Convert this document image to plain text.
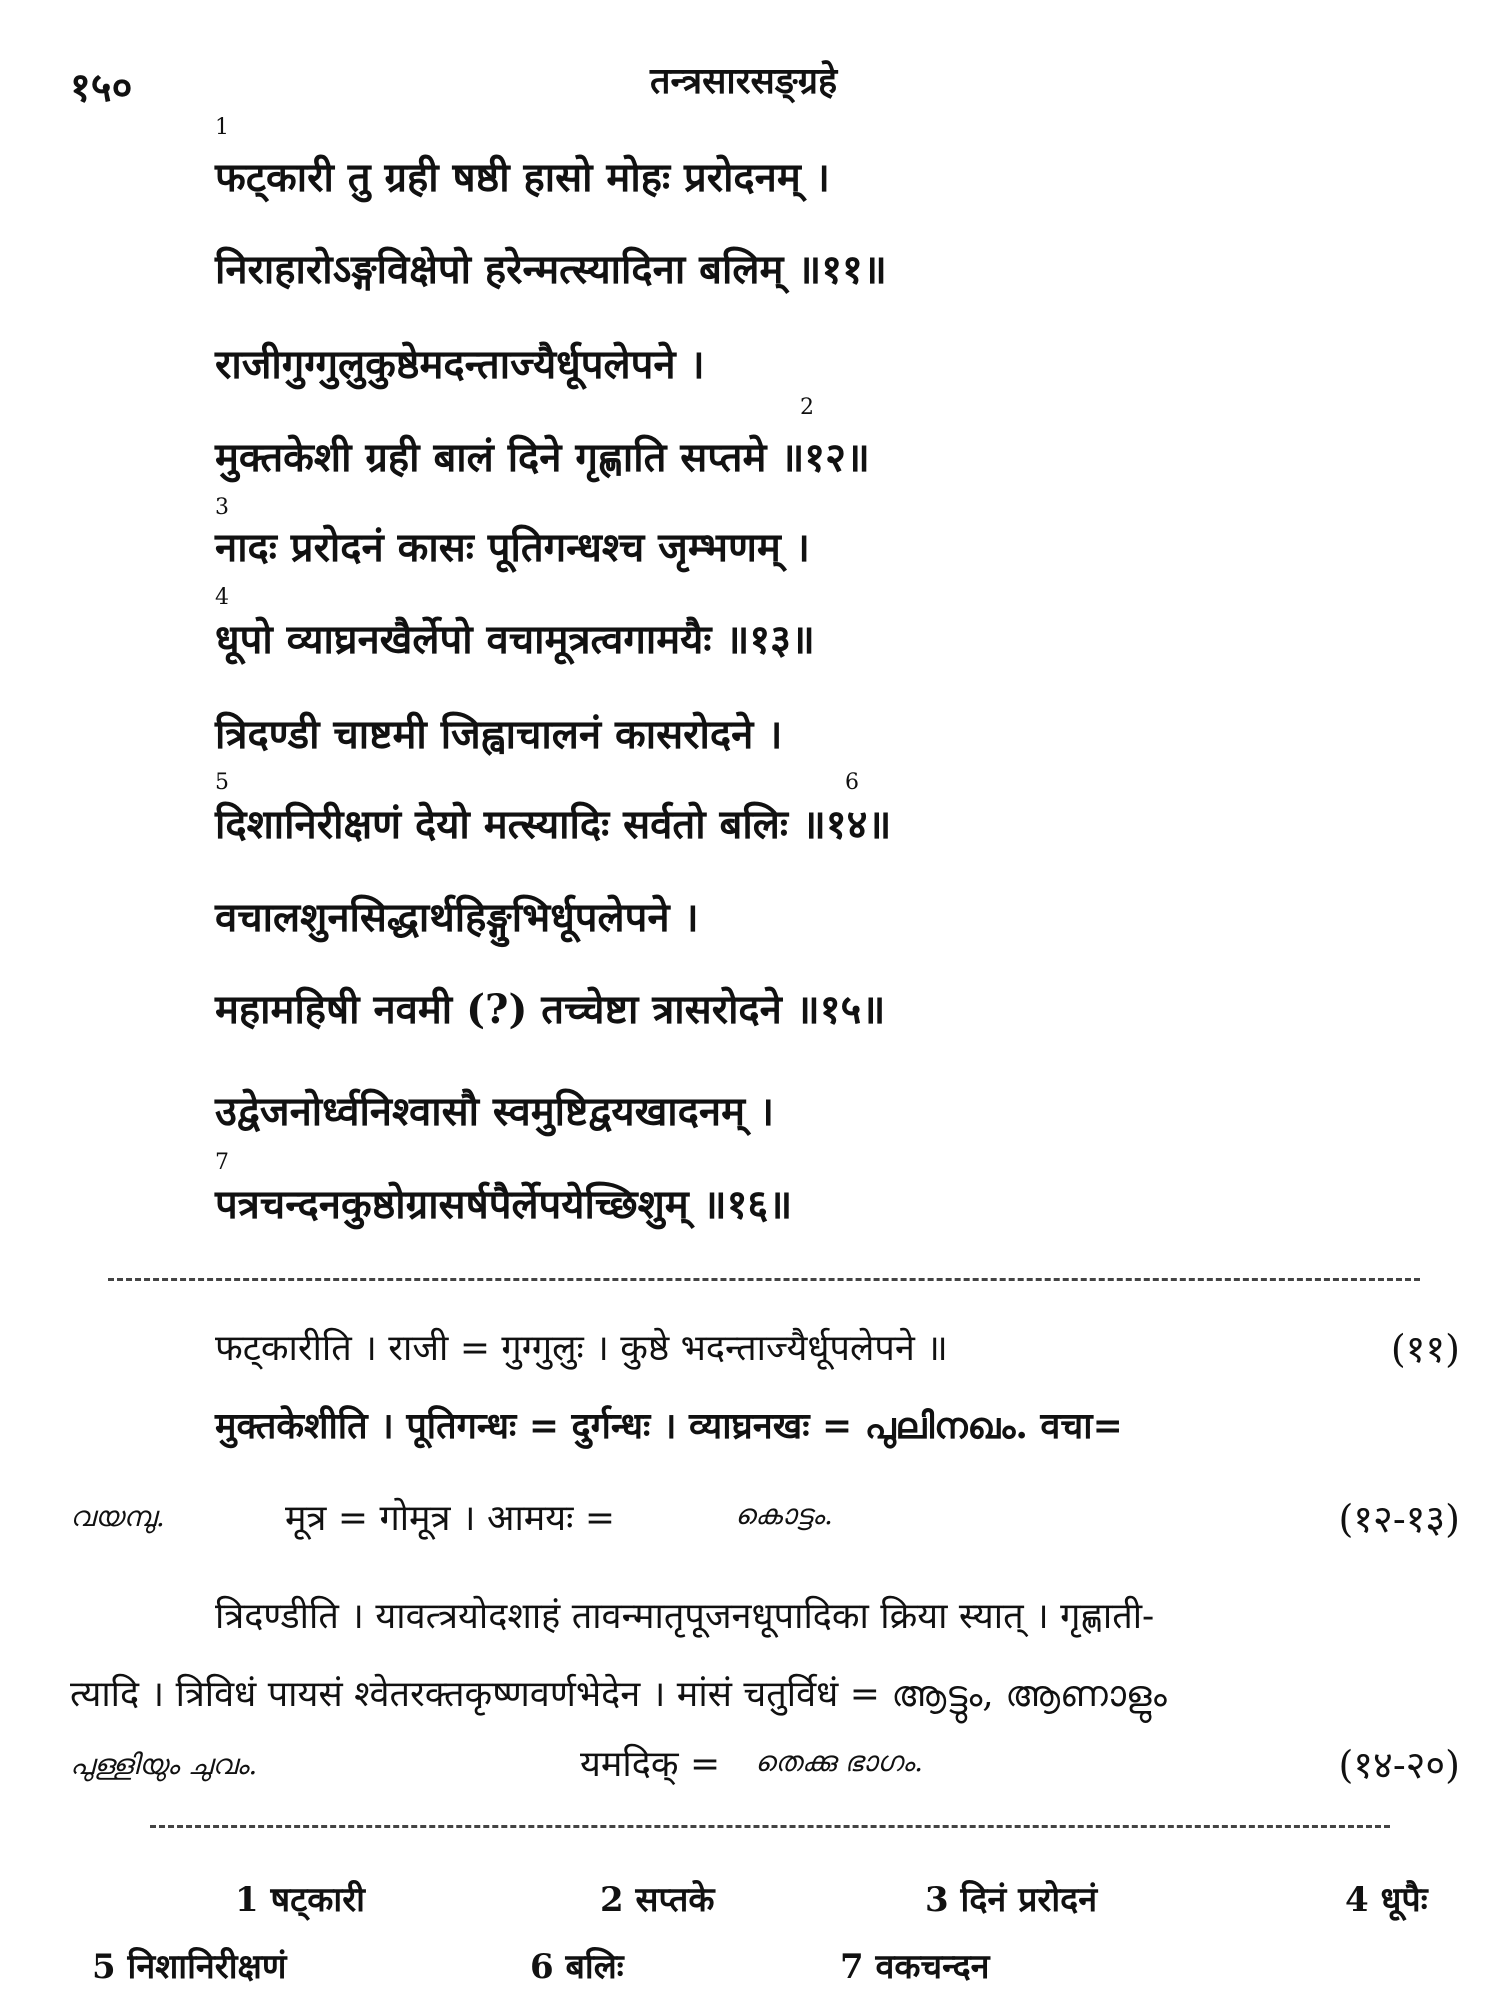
१५०	तन्त्रसारसङ्ग्रहे
1
2
3
4
5	6
7
फट्कारी तु ग्रही षष्ठी हासो मोहः प्ररोदनम् ।
निराहारोऽङ्गविक्षेपो हरेन्मत्स्यादिना बलिम् ॥११॥
राजीगुग्गुलुकुष्ठेमदन्ताज्यैर्धूपलेपने ।
मुक्तकेशी ग्रही बालं दिने गृह्णाति सप्तमे ॥१२॥
नादः प्ररोदनं कासः पूतिगन्धश्च जृम्भणम् ।
धूपो व्याघ्रनखैर्लेपो वचामूत्रत्वगामयैः ॥१३॥
त्रिदण्डी चाष्टमी जिह्वाचालनं कासरोदने ।
दिशानिरीक्षणं देयो मत्स्यादिः सर्वतो बलिः ॥१४॥
वचालशुनसिद्धार्थहिङ्गुभिर्धूपलेपने ।
महामहिषी नवमी (?) तच्चेष्टा त्रासरोदने ॥१५॥
उद्वेजनोर्ध्वनिश्वासौ स्वमुष्टिद्वयखादनम् ।
पत्रचन्दनकुष्ठोग्रासर्षपैर्लेपयेच्छिशुम् ॥१६॥
फट्कारीति । राजी = गुग्गुलुः । कुष्ठे भदन्ताज्यैर्धूपलेपने ॥	(११)
मुक्तकेशीति । पूतिगन्धः = दुर्गन्धः । व्याघ्रनखः = പുലിനഖം. वचा=
വയമ്പു.	मूत्र = गोमूत्र । आमयः =	കൊട്ടം.	(१२-१३)
त्रिदण्डीति । यावत्त्रयोदशाहं तावन्मातृपूजनधूपादिका क्रिया स्यात् । गृह्णाती-
त्यादि । त्रिविधं पायसं श्वेतरक्तकृष्णवर्णभेदेन । मांसं चतुर्विधं = ആട്ടും, ആണാളും
പുള്ളിയും ചുവം.	यमदिक् = തെക്കു ഭാഗം.	(१४-२०)
1 षट्कारी	2 सप्तके	3 दिनं प्ररोदनं	4 धूपैः
5 निशानिरीक्षणं	6 बलिः	7 वकचन्दन
